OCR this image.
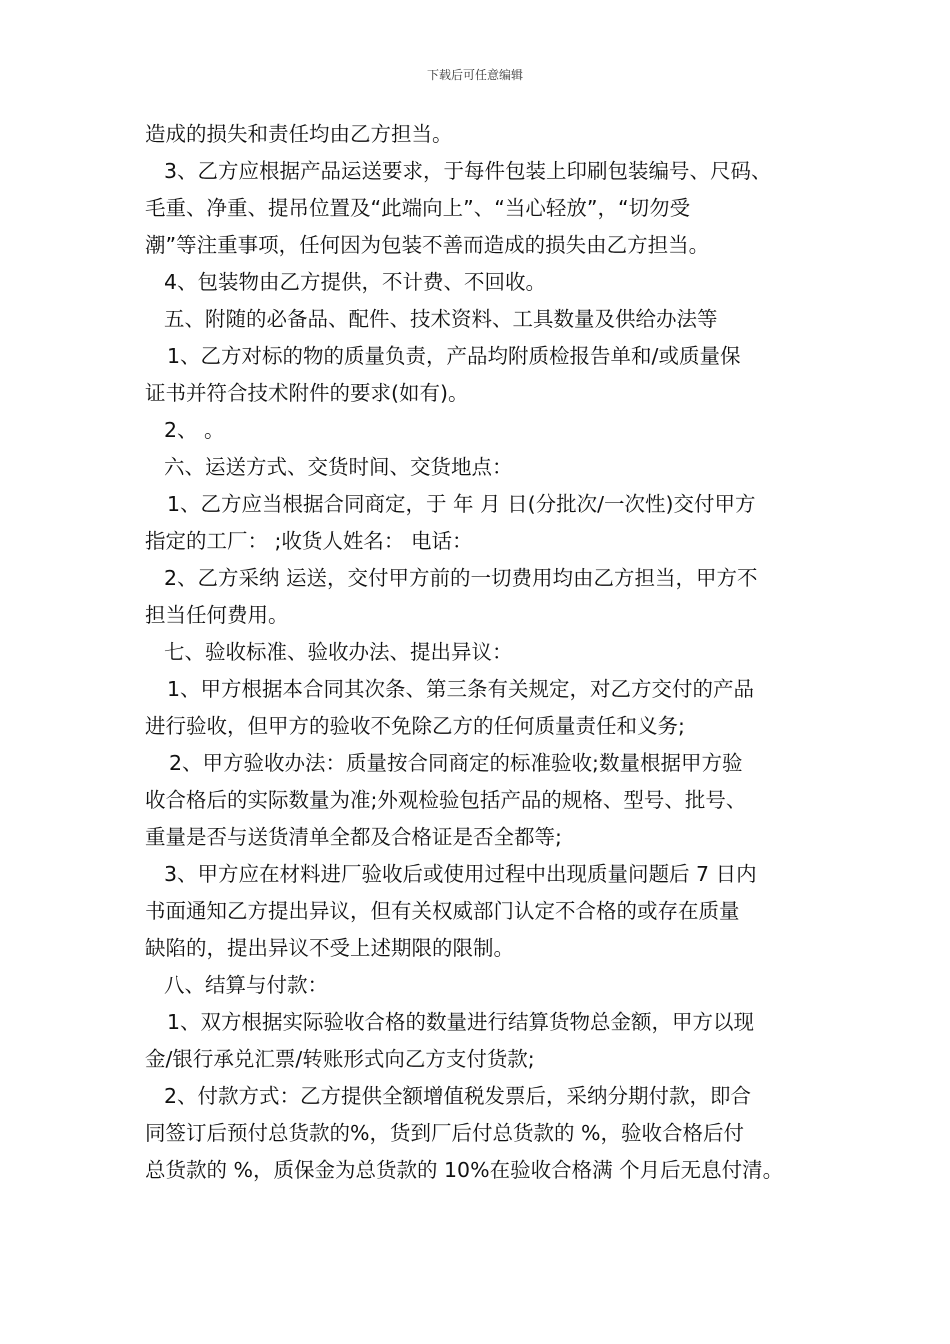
下载后可任意编辑
造成的损失和责任均由乙方担当。
3、乙方应根据产品运送要求，于每件包装上印刷包装编号、尺码、
毛重、净重、提吊位置及“此端向上”、“当心轻放”，“切勿受
潮”等注重事项，任何因为包装不善而造成的损失由乙方担当。
4、包装物由乙方提供，不计费、不回收。
五、附随的必备品、配件、技术资料、工具数量及供给办法等
1、乙方对标的物的质量负责，产品均附质检报告单和/或质量保
证书并符合技术附件的要求(如有)。
2、 。
六、运送方式、交货时间、交货地点：
1、乙方应当根据合同商定，于 年 月 日(分批次/一次性)交付甲方
指定的工厂： ;收货人姓名： 电话：
2、乙方采纳 运送，交付甲方前的一切费用均由乙方担当，甲方不
担当任何费用。
七、验收标准、验收办法、提出异议：
1、甲方根据本合同其次条、第三条有关规定，对乙方交付的产品
进行验收，但甲方的验收不免除乙方的任何质量责任和义务;
2、甲方验收办法：质量按合同商定的标准验收;数量根据甲方验
收合格后的实际数量为准;外观检验包括产品的规格、型号、批号、
重量是否与送货清单全都及合格证是否全都等;
3、甲方应在材料进厂验收后或使用过程中出现质量问题后 7 日内
书面通知乙方提出异议，但有关权威部门认定不合格的或存在质量
缺陷的，提出异议不受上述期限的限制。
八、结算与付款：
1、双方根据实际验收合格的数量进行结算货物总金额，甲方以现
金/银行承兑汇票/转账形式向乙方支付货款;
2、付款方式：乙方提供全额增值税发票后，采纳分期付款，即合
同签订后预付总货款的%，货到厂后付总货款的 %，验收合格后付
总货款的 %，质保金为总货款的 10%在验收合格满 个月后无息付清。
